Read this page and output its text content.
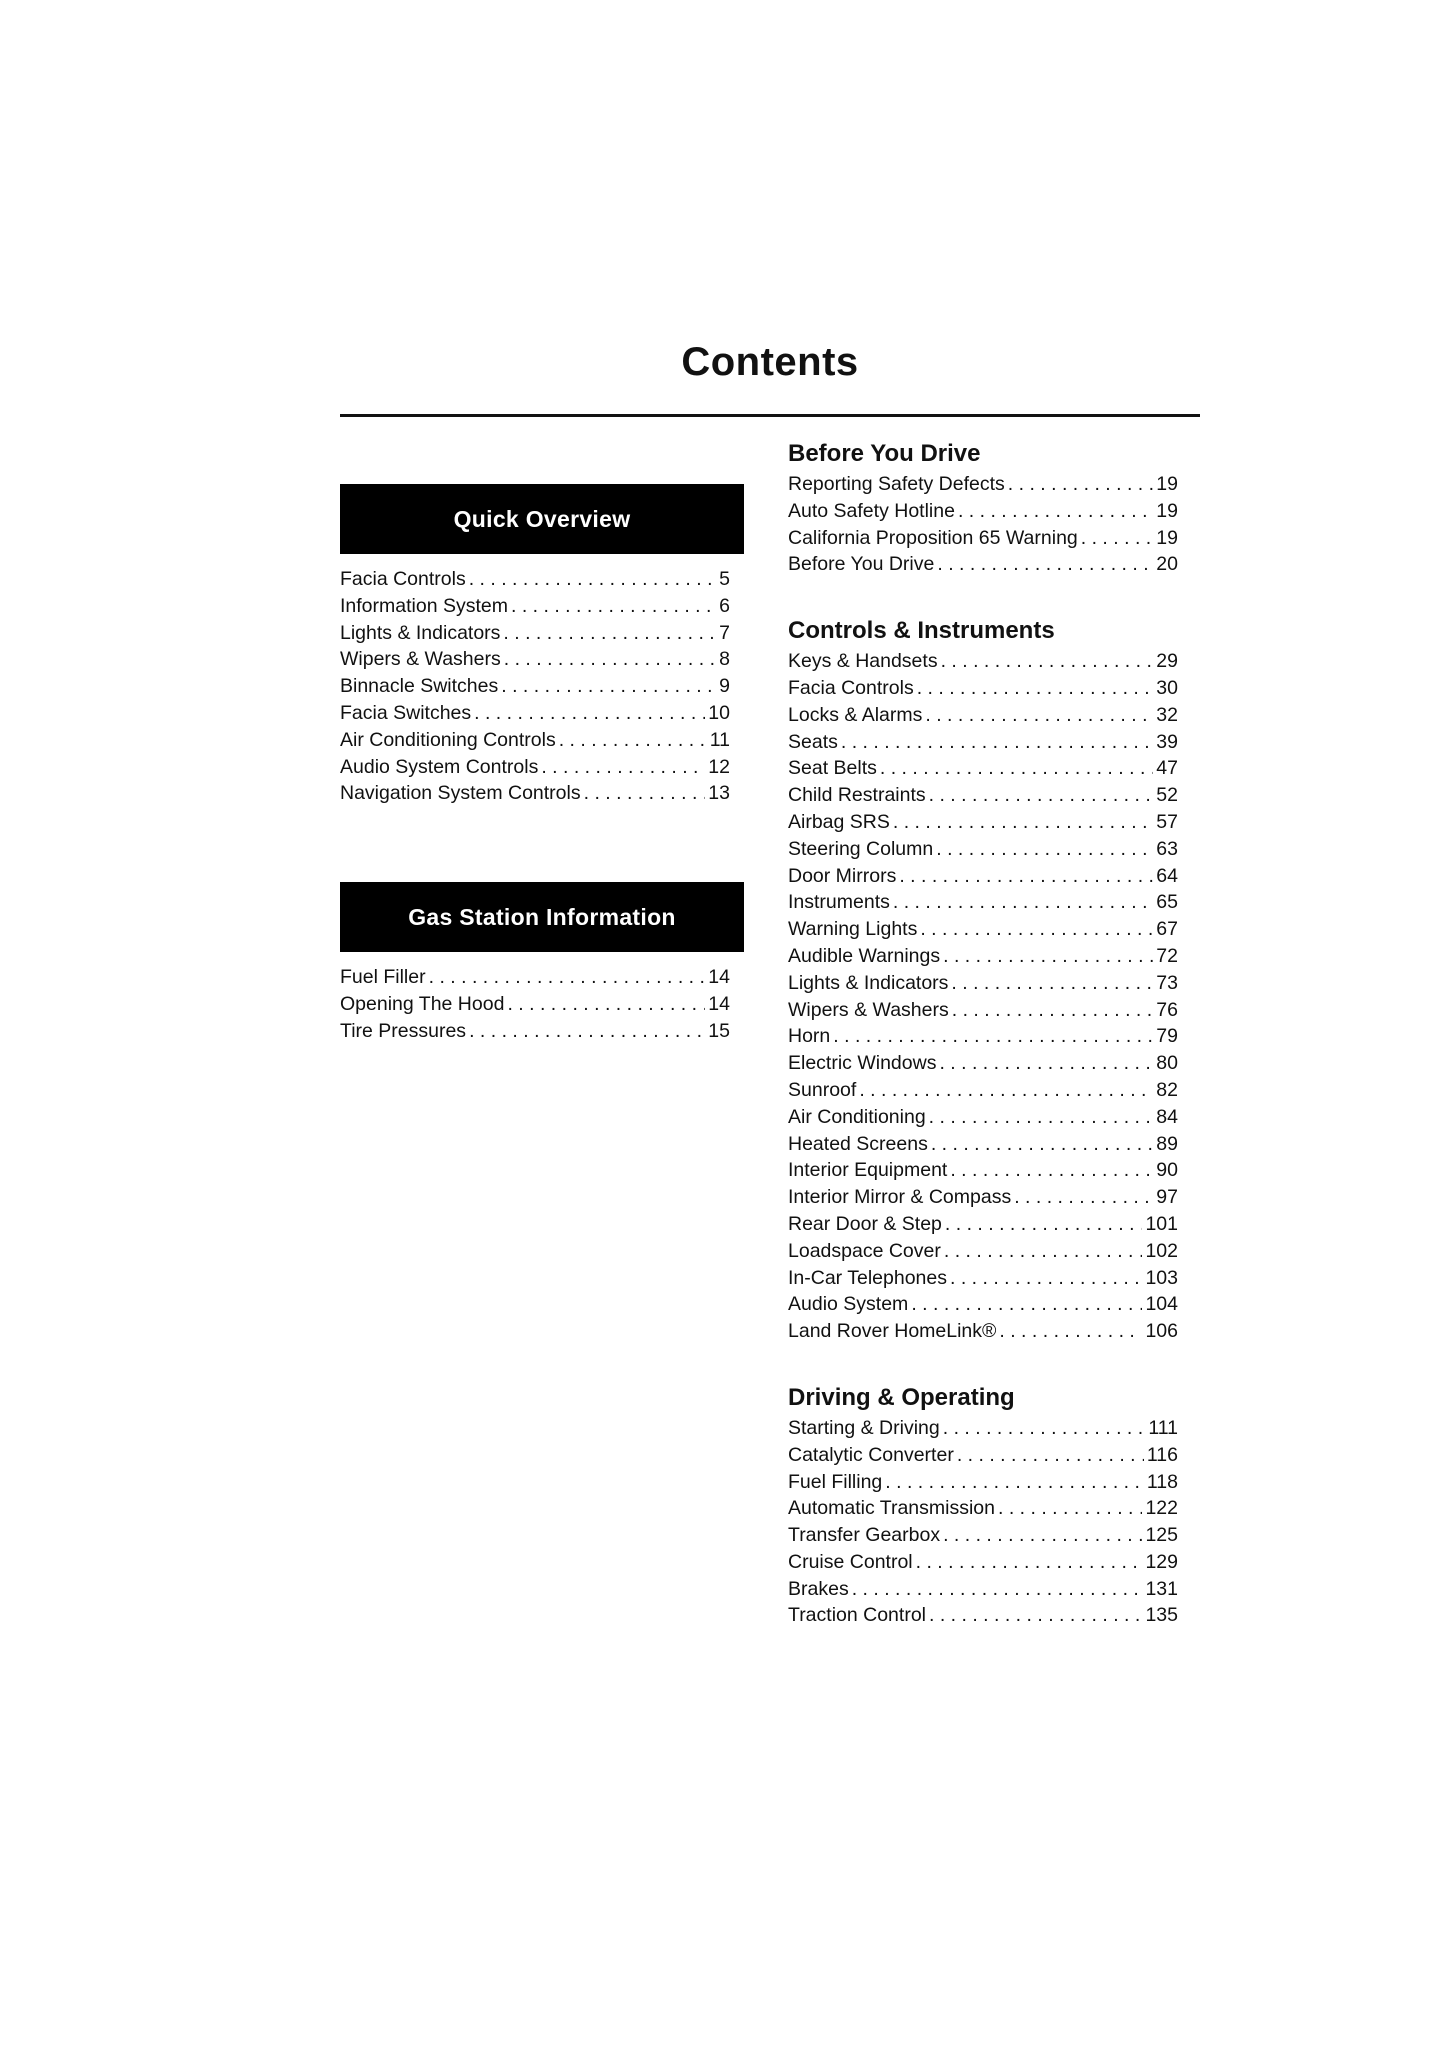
Contents
Quick Overview
Facia Controls . . .	5
Information System . . .	6
Lights & Indicators . . .	7
Wipers & Washers . . .	8
Binnacle Switches . . .	9
Facia Switches . . .	10
Air Conditioning Controls . . .	11
Audio System Controls . . .	12
Navigation System Controls . . .	13
Gas Station Information
Fuel Filler . . .	14
Opening The Hood . . .	14
Tire Pressures . . .	15
Before You Drive
Reporting Safety Defects . . .	19
Auto Safety Hotline . . .	19
California Proposition 65 Warning . . .	19
Before You Drive . . .	20
Controls & Instruments
Keys & Handsets . . .	29
Facia Controls . . .	30
Locks & Alarms . . .	32
Seats . . .	39
Seat Belts . . .	47
Child Restraints . . .	52
Airbag SRS . . .	57
Steering Column . . .	63
Door Mirrors . . .	64
Instruments . . .	65
Warning Lights . . .	67
Audible Warnings . . .	72
Lights & Indicators . . .	73
Wipers & Washers . . .	76
Horn . . .	79
Electric Windows . . .	80
Sunroof . . .	82
Air Conditioning . . .	84
Heated Screens . . .	89
Interior Equipment . . .	90
Interior Mirror & Compass . . .	97
Rear Door & Step . . .	101
Loadspace Cover . . .	102
In-Car Telephones . . .	103
Audio System . . .	104
Land Rover HomeLink® . . .	106
Driving & Operating
Starting & Driving . . .	111
Catalytic Converter . . .	116
Fuel Filling . . .	118
Automatic Transmission . . .	122
Transfer Gearbox . . .	125
Cruise Control . . .	129
Brakes . . .	131
Traction Control . . .	135
